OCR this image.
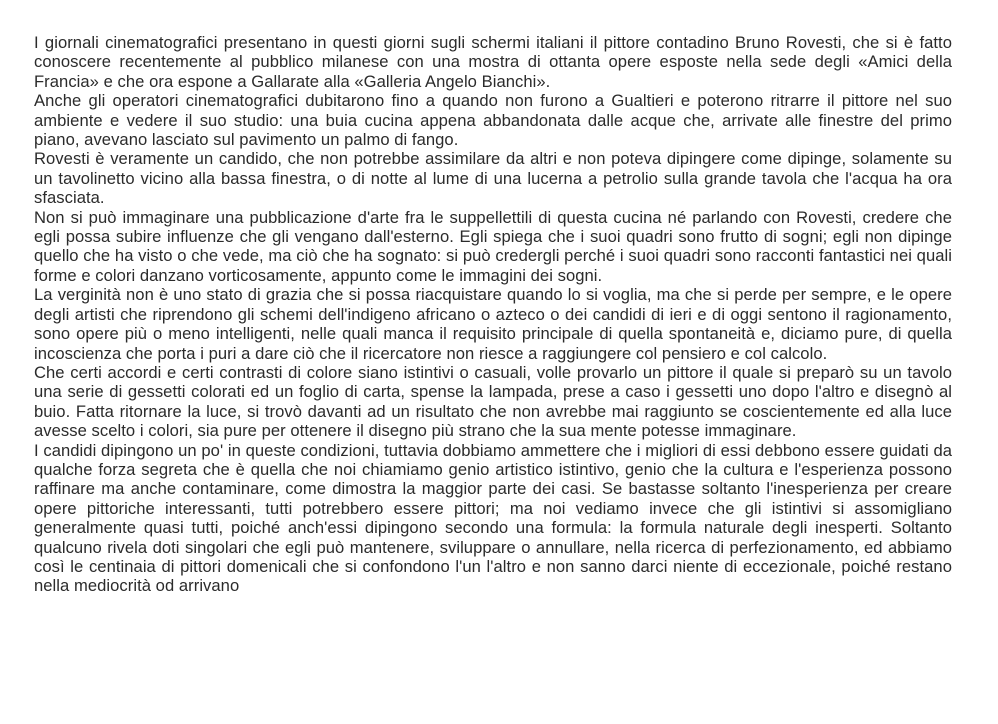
I giornali cinematografici presentano in questi giorni sugli schermi italiani il pittore contadino Bruno Rovesti, che si è fatto conoscere recentemente al pubblico milanese con una mostra di ottanta opere esposte nella sede degli «Amici della Francia» e che ora espone a Gallarate alla «Galleria Angelo Bianchi».

Anche gli operatori cinematografici dubitarono fino a quando non furono a Gualtieri e poterono ritrarre il pittore nel suo ambiente e vedere il suo studio: una buia cucina appena abbandonata dalle acque che, arrivate alle finestre del primo piano, avevano lasciato sul pavimento un palmo di fango.

Rovesti è veramente un candido, che non potrebbe assimilare da altri e non poteva dipingere come dipinge, solamente su un tavolinetto vicino alla bassa finestra, o di notte al lume di una lucerna a petrolio sulla grande tavola che l'acqua ha ora sfasciata.

Non si può immaginare una pubblicazione d'arte fra le suppellettili di questa cucina né parlando con Rovesti, credere che egli possa subire influenze che gli vengano dall'esterno. Egli spiega che i suoi quadri sono frutto di sogni; egli non dipinge quello che ha visto o che vede, ma ciò che ha sognato: si può credergli perché i suoi quadri sono racconti fantastici nei quali forme e colori danzano vorticosamente, appunto come le immagini dei sogni.

La verginità non è uno stato di grazia che si possa riacquistare quando lo si voglia, ma che si perde per sempre, e le opere degli artisti che riprendono gli schemi dell'indigeno africano o azteco o dei candidi di ieri e di oggi sentono il ragionamento, sono opere più o meno intelligenti, nelle quali manca il requisito principale di quella spontaneità e, diciamo pure, di quella incoscienza che porta i puri a dare ciò che il ricercatore non riesce a raggiungere col pensiero e col calcolo.

Che certi accordi e certi contrasti di colore siano istintivi o casuali, volle provarlo un pittore il quale si preparò su un tavolo una serie di gessetti colorati ed un foglio di carta, spense la lampada, prese a caso i gessetti uno dopo l'altro e disegnò al buio. Fatta ritornare la luce, si trovò davanti ad un risultato che non avrebbe mai raggiunto se coscientemente ed alla luce avesse scelto i colori, sia pure per ottenere il disegno più strano che la sua mente potesse immaginare.

I candidi dipingono un po' in queste condizioni, tuttavia dobbiamo ammettere che i migliori di essi debbono essere guidati da qualche forza segreta che è quella che noi chiamiamo genio artistico istintivo, genio che la cultura e l'esperienza possono raffinare ma anche contaminare, come dimostra la maggior parte dei casi. Se bastasse soltanto l'inesperienza per creare opere pittoriche interessanti, tutti potrebbero essere pittori; ma noi vediamo invece che gli istintivi si assomigliano generalmente quasi tutti, poiché anch'essi dipingono secondo una formula: la formula naturale degli inesperti. Soltanto qualcuno rivela doti singolari che egli può mantenere, sviluppare o annullare, nella ricerca di perfezionamento, ed abbiamo così le centinaia di pittori domenicali che si confondono l'un l'altro e non sanno darci niente di eccezionale, poiché restano nella mediocrità od arrivano
